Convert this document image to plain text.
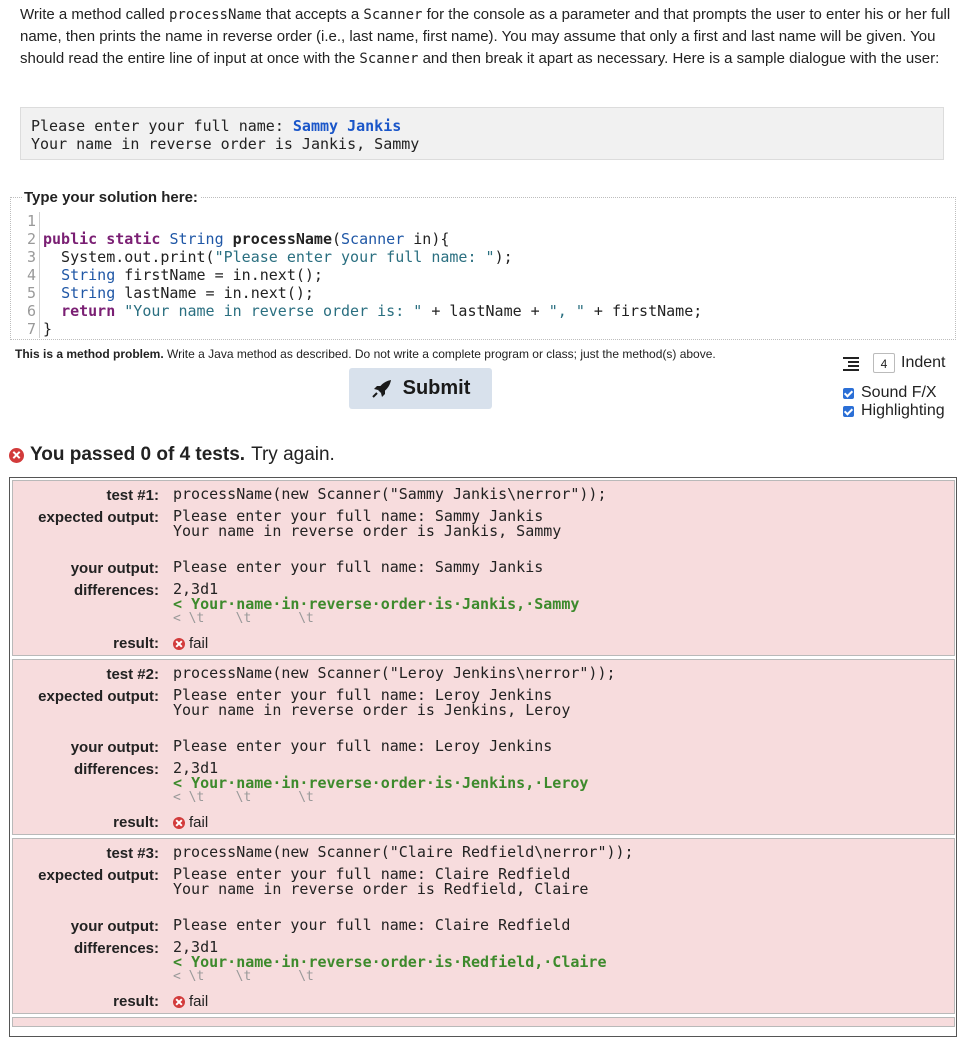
Write a method called processName that accepts a Scanner for the console as a parameter and that prompts the user to enter his or her full name, then prints the name in reverse order (i.e., last name, first name). You may assume that only a first and last name will be given. You should read the entire line of input at once with the Scanner and then break it apart as necessary. Here is a sample dialogue with the user:
Please enter your full name: Sammy Jankis
Your name in reverse order is Jankis, Sammy
Type your solution here:
1
2 public static String processName(Scanner in){
3  System.out.print("Please enter your full name: ");
4 String firstName = in.next();
5 String lastName = in.next();
6 return "Your name in reverse order is: " + lastName + ", " + firstName;
7 }
This is a method problem. Write a Java method as described. Do not write a complete program or class; just the method(s) above.
Submit
4 Indent
Sound F/X
Highlighting
You passed 0 of 4 tests. Try again.
test #1: processName(new Scanner("Sammy Jankis\nerror"));
expected output: Please enter your full name: Sammy Jankis
Your name in reverse order is Jankis, Sammy
your output: Please enter your full name: Sammy Jankis
differences: 2,3d1
< Your·name·in·reverse·order·is·Jankis,·Sammy
< \t    \t      \t
result: fail
test #2: processName(new Scanner("Leroy Jenkins\nerror"));
expected output: Please enter your full name: Leroy Jenkins
Your name in reverse order is Jenkins, Leroy
your output: Please enter your full name: Leroy Jenkins
differences: 2,3d1
< Your·name·in·reverse·order·is·Jenkins,·Leroy
< \t    \t      \t
result: fail
test #3: processName(new Scanner("Claire Redfield\nerror"));
expected output: Please enter your full name: Claire Redfield
Your name in reverse order is Redfield, Claire
your output: Please enter your full name: Claire Redfield
differences: 2,3d1
< Your·name·in·reverse·order·is·Redfield,·Claire
< \t    \t      \t
result: fail
